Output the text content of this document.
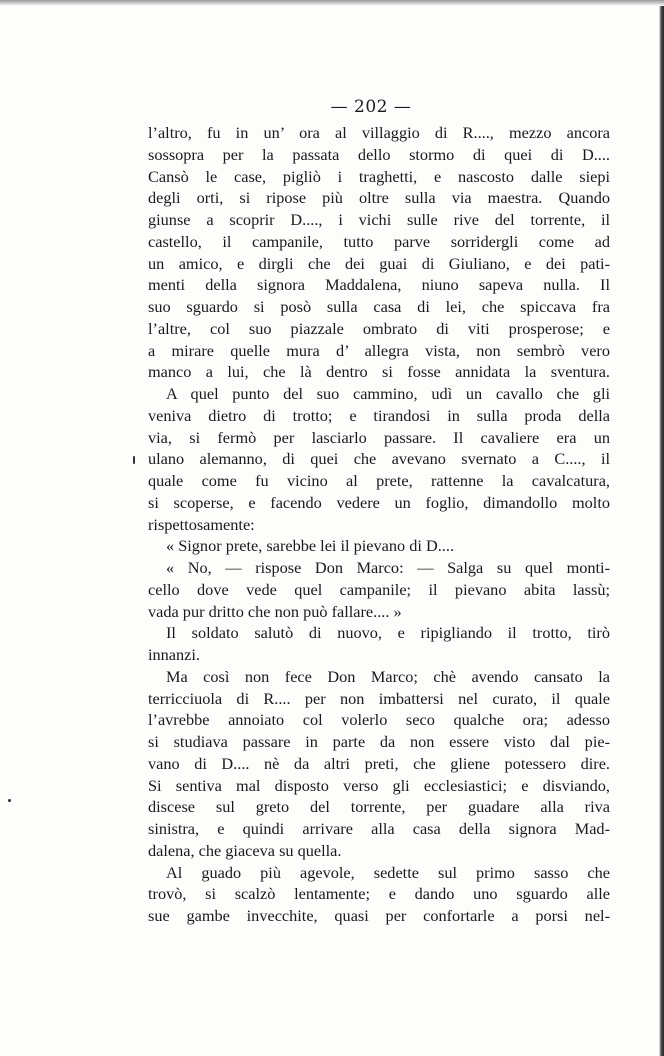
— 202 —
l’altro, fu in un’ ora al villaggio di R...., mezzo ancora
sossopra per la passata dello stormo di quei di D....
Cansò le case, pigliò i traghetti, e nascosto dalle siepi
degli orti, si ripose più oltre sulla via maestra. Quando
giunse a scoprir D...., i vichi sulle rive del torrente, il
castello, il campanile, tutto parve sorridergli come ad
un amico, e dirgli che dei guai di Giuliano, e dei pati-
menti della signora Maddalena, niuno sapeva nulla. Il
suo sguardo si posò sulla casa di lei, che spiccava fra
l’altre, col suo piazzale ombrato di viti prosperose; e
a mirare quelle mura d’ allegra vista, non sembrò vero
manco a lui, che là dentro si fosse annidata la sventura.
A quel punto del suo cammino, udì un cavallo che gli
veniva dietro di trotto; e tirandosi in sulla proda della
via, si fermò per lasciarlo passare. Il cavaliere era un
ulano alemanno, di quei che avevano svernato a C...., il
quale come fu vicino al prete, rattenne la cavalcatura,
si scoperse, e facendo vedere un foglio, dimandollo molto
rispettosamente:
« Signor prete, sarebbe lei il pievano di D....
« No, — rispose Don Marco: — Salga su quel monti-
cello dove vede quel campanile; il pievano abita lassù;
vada pur dritto che non può fallare.... »
Il soldato salutò di nuovo, e ripigliando il trotto, tirò
innanzi.
Ma così non fece Don Marco; chè avendo cansato la
terricciuola di R.... per non imbattersi nel curato, il quale
l’avrebbe annoiato col volerlo seco qualche ora; adesso
si studiava passare in parte da non essere visto dal pie-
vano di D.... nè da altri preti, che gliene potessero dire.
Si sentiva mal disposto verso gli ecclesiastici; e disviando,
discese sul greto del torrente, per guadare alla riva
sinistra, e quindi arrivare alla casa della signora Mad-
dalena, che giaceva su quella.
Al guado più agevole, sedette sul primo sasso che
trovò, si scalzò lentamente; e dando uno sguardo alle
sue gambe invecchite, quasi per confortarle a porsi nel-
